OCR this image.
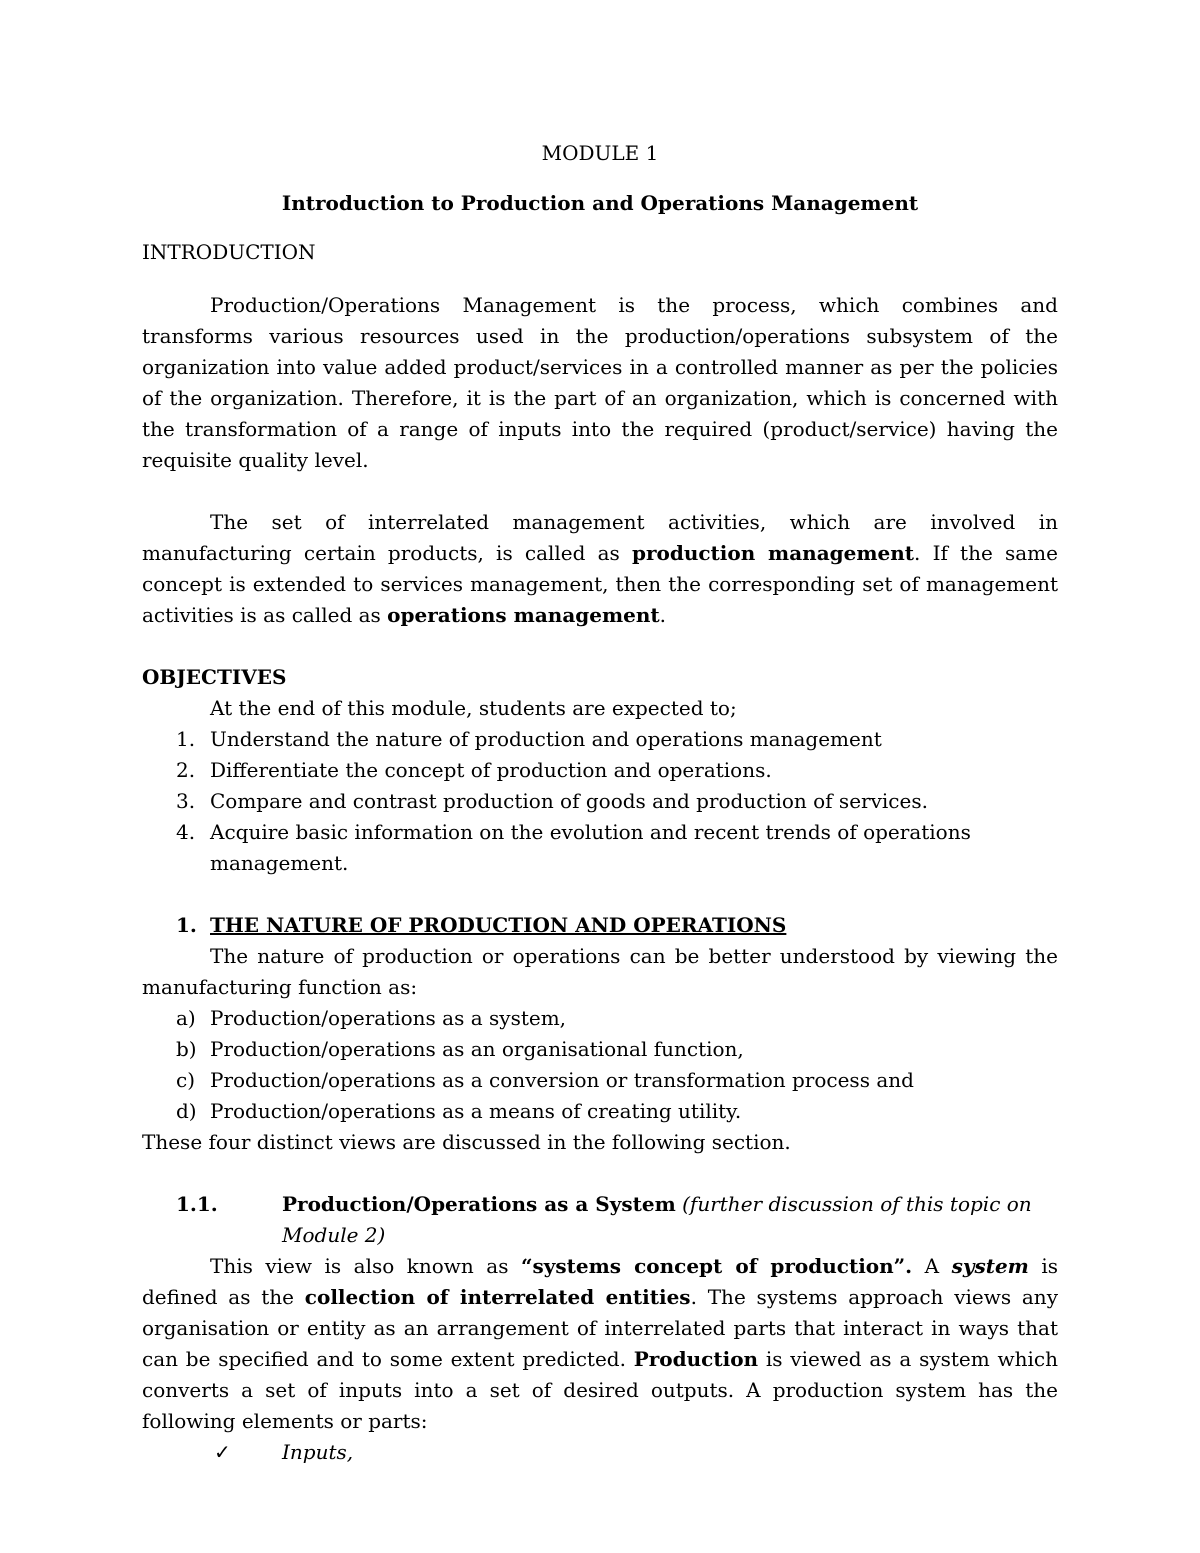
MODULE 1

Introduction to Production and Operations Management

INTRODUCTION

Production/Operations Management is the process, which combines and transforms various resources used in the production/operations subsystem of the organization into value added product/services in a controlled manner as per the policies of the organization. Therefore, it is the part of an organization, which is concerned with the transformation of a range of inputs into the required (product/service) having the requisite quality level.

The set of interrelated management activities, which are involved in manufacturing certain products, is called as production management. If the same concept is extended to services management, then the corresponding set of management activities is as called as operations management.

OBJECTIVES
At the end of this module, students are expected to;
1. Understand the nature of production and operations management
2. Differentiate the concept of production and operations.
3. Compare and contrast production of goods and production of services.
4. Acquire basic information on the evolution and recent trends of operations management.
1. THE NATURE OF PRODUCTION AND OPERATIONS

The nature of production or operations can be better understood by viewing the manufacturing function as:

a) Production/operations as a system,
b) Production/operations as an organisational function,
c) Production/operations as a conversion or transformation process and
d) Production/operations as a means of creating utility.

These four distinct views are discussed in the following section.

1.1.	Production/Operations as a System (further discussion of this topic on Module 2)

This view is also known as “systems concept of production”. A system is defined as the collection of interrelated entities. The systems approach views any organisation or entity as an arrangement of interrelated parts that interact in ways that can be specified and to some extent predicted. Production is viewed as a system which converts a set of inputs into a set of desired outputs. A production system has the following elements or parts:

✓	Inputs,
